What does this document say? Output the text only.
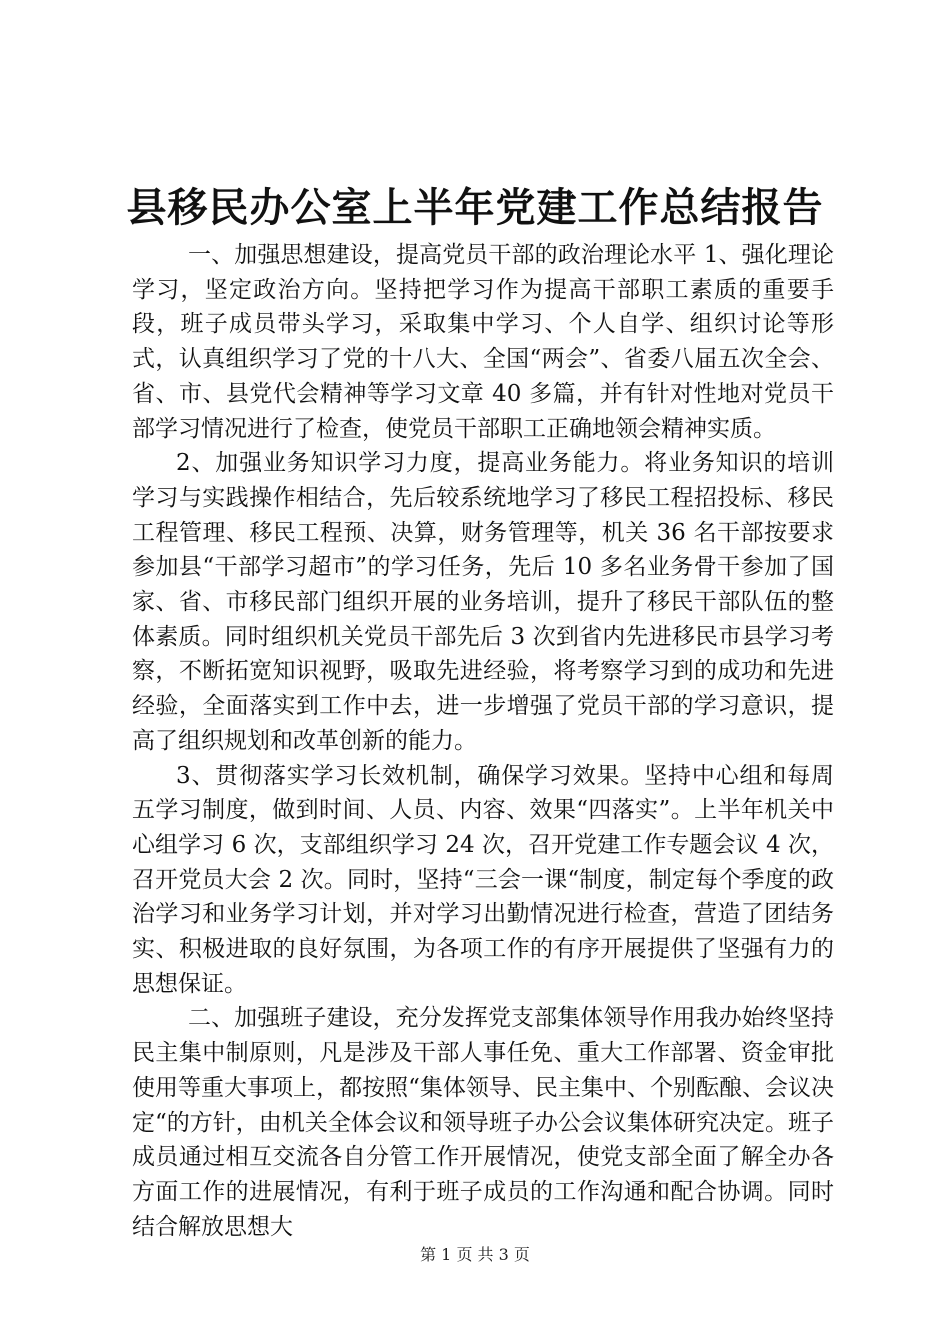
县移民办公室上半年党建工作总结报告

一、加强思想建设，提高党员干部的政治理论水平 1、强化理论学习，坚定政治方向。坚持把学习作为提高干部职工素质的重要手段，班子成员带头学习，采取集中学习、个人自学、组织讨论等形式，认真组织学习了党的十八大、全国“两会”、省委八届五次全会、省、市、县党代会精神等学习文章 40 多篇，并有针对性地对党员干部学习情况进行了检查，使党员干部职工正确地领会精神实质。

2、加强业务知识学习力度，提高业务能力。将业务知识的培训学习与实践操作相结合，先后较系统地学习了移民工程招投标、移民工程管理、移民工程预、决算，财务管理等，机关 36 名干部按要求参加县“干部学习超市”的学习任务，先后 10 多名业务骨干参加了国家、省、市移民部门组织开展的业务培训，提升了移民干部队伍的整体素质。同时组织机关党员干部先后 3 次到省内先进移民市县学习考察，不断拓宽知识视野，吸取先进经验，将考察学习到的成功和先进经验，全面落实到工作中去，进一步增强了党员干部的学习意识，提高了组织规划和改革创新的能力。

3、贯彻落实学习长效机制，确保学习效果。坚持中心组和每周五学习制度，做到时间、人员、内容、效果“四落实”。上半年机关中心组学习 6 次，支部组织学习 24 次，召开党建工作专题会议 4 次，召开党员大会 2 次。同时，坚持“三会一课“制度，制定每个季度的政治学习和业务学习计划，并对学习出勤情况进行检查，营造了团结务实、积极进取的良好氛围，为各项工作的有序开展提供了坚强有力的思想保证。

二、加强班子建设，充分发挥党支部集体领导作用我办始终坚持民主集中制原则，凡是涉及干部人事任免、重大工作部署、资金审批使用等重大事项上，都按照“集体领导、民主集中、个别酝酿、会议决定“的方针，由机关全体会议和领导班子办公会议集体研究决定。班子成员通过相互交流各自分管工作开展情况，使党支部全面了解全办各方面工作的进展情况，有利于班子成员的工作沟通和配合协调。同时结合解放思想大

第 1 页 共 3 页
